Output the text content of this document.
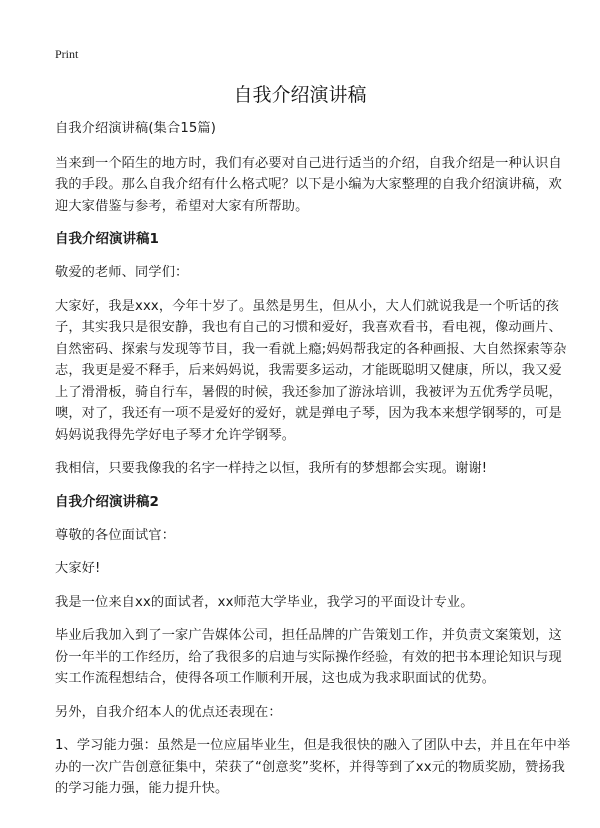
Print
自我介绍演讲稿

自我介绍演讲稿(集合15篇)

当来到一个陌生的地方时，我们有必要对自己进行适当的介绍，自我介绍是一种认识自我的手段。那么自我介绍有什么格式呢？以下是小编为大家整理的自我介绍演讲稿，欢迎大家借鉴与参考，希望对大家有所帮助。

自我介绍演讲稿1

敬爱的老师、同学们：

大家好，我是xxx，今年十岁了。虽然是男生，但从小，大人们就说我是一个听话的孩子，其实我只是很安静，我也有自己的习惯和爱好，我喜欢看书，看电视，像动画片、自然密码、探索与发现等节目，我一看就上瘾;妈妈帮我定的各种画报、大自然探索等杂志，我更是爱不释手，后来妈妈说，我需要多运动，才能既聪明又健康，所以，我又爱上了滑滑板，骑自行车，暑假的时候，我还参加了游泳培训，我被评为五优秀学员呢，噢，对了，我还有一项不是爱好的爱好，就是弹电子琴，因为我本来想学钢琴的，可是妈妈说我得先学好电子琴才允许学钢琴。

我相信，只要我像我的名字一样持之以恒，我所有的梦想都会实现。谢谢!

自我介绍演讲稿2

尊敬的各位面试官：

大家好!

我是一位来自xx的面试者，xx师范大学毕业，我学习的平面设计专业。

毕业后我加入到了一家广告媒体公司，担任品牌的广告策划工作，并负责文案策划，这份一年半的工作经历，给了我很多的启迪与实际操作经验，有效的把书本理论知识与现实工作流程想结合，使得各项工作顺利开展，这也成为我求职面试的优势。

另外，自我介绍本人的优点还表现在：

1、学习能力强：虽然是一位应届毕业生，但是我很快的融入了团队中去，并且在年中举办的一次广告创意征集中，荣获了“创意奖”奖杯，并得等到了xx元的物质奖励，赞扬我的学习能力强，能力提升快。
